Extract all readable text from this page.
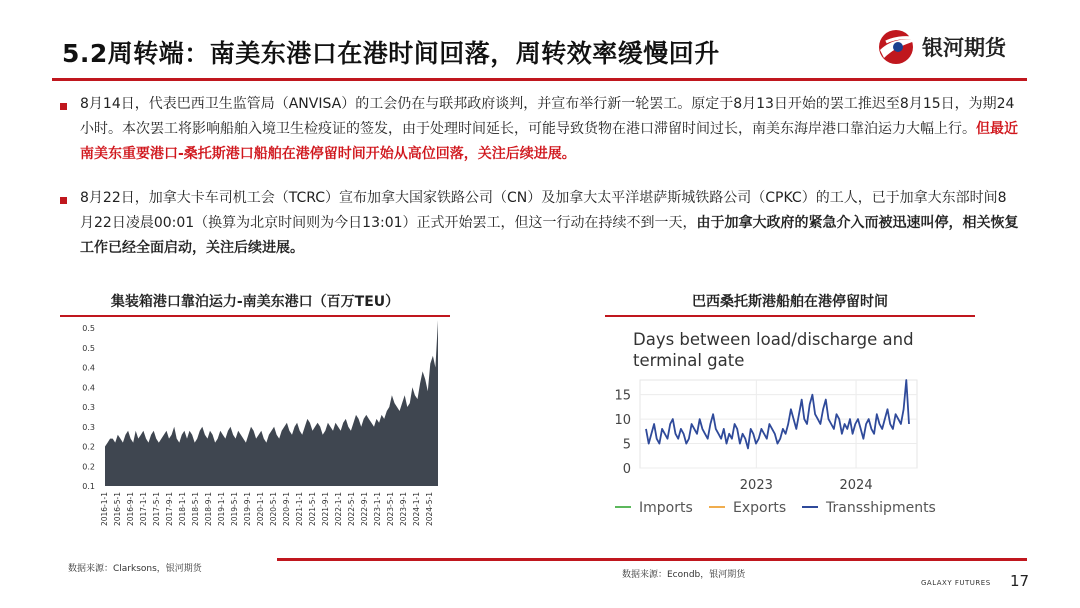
5.2周转端：南美东港口在港时间回落，周转效率缓慢回升	银河期货

8月14日，代表巴西卫生监管局（ANVISA）的工会仍在与联邦政府谈判，并宣布举行新一轮罢工。原定于8月13日开始的罢工推迟至8月15日，为期24小时。本次罢工将影响船舶入境卫生检疫证的签发，由于处理时间延长，可能导致货物在港口滞留时间过长，南美东海岸港口靠泊运力大幅上行。但最近南美东重要港口-桑托斯港口船舶在港停留时间开始从高位回落，关注后续进展。

8月22日，加拿大卡车司机工会（TCRC）宣布加拿大国家铁路公司（CN）及加拿大太平洋堪萨斯城铁路公司（CPKC）的工人，已于加拿大东部时间8月22日凌晨00:01（换算为北京时间则为今日13:01）正式开始罢工，但这一行动在持续不到一天，由于加拿大政府的紧急介入而被迅速叫停，相关恢复工作已经全面启动，关注后续进展。

集装箱港口靠泊运力-南美东港口（百万TEU）
0.5
0.5
0.4
0.4
0.3
0.3
0.2
0.2
0.1
2016-1-1 2016-5-1 2016-9-1 2017-1-1 2017-5-1 2017-9-1 2018-1-1 2018-5-1 2018-9-1 2019-1-1 2019-5-1 2019-9-1 2020-1-1 2020-5-1 2020-9-1 2021-1-1 2021-5-1 2021-9-1 2022-1-1 2022-5-1 2022-9-1 2023-1-1 2023-5-1 2023-9-1 2024-1-1 2024-5-1
数据来源：Clarksons，银河期货
巴西桑托斯港船舶在港停留时间
Days between load/discharge and
terminal gate
0
5
10
15
2023	2024
Imports	Exports	Transshipments
数据来源：Econdb，银河期货
GALAXY FUTURES 17
